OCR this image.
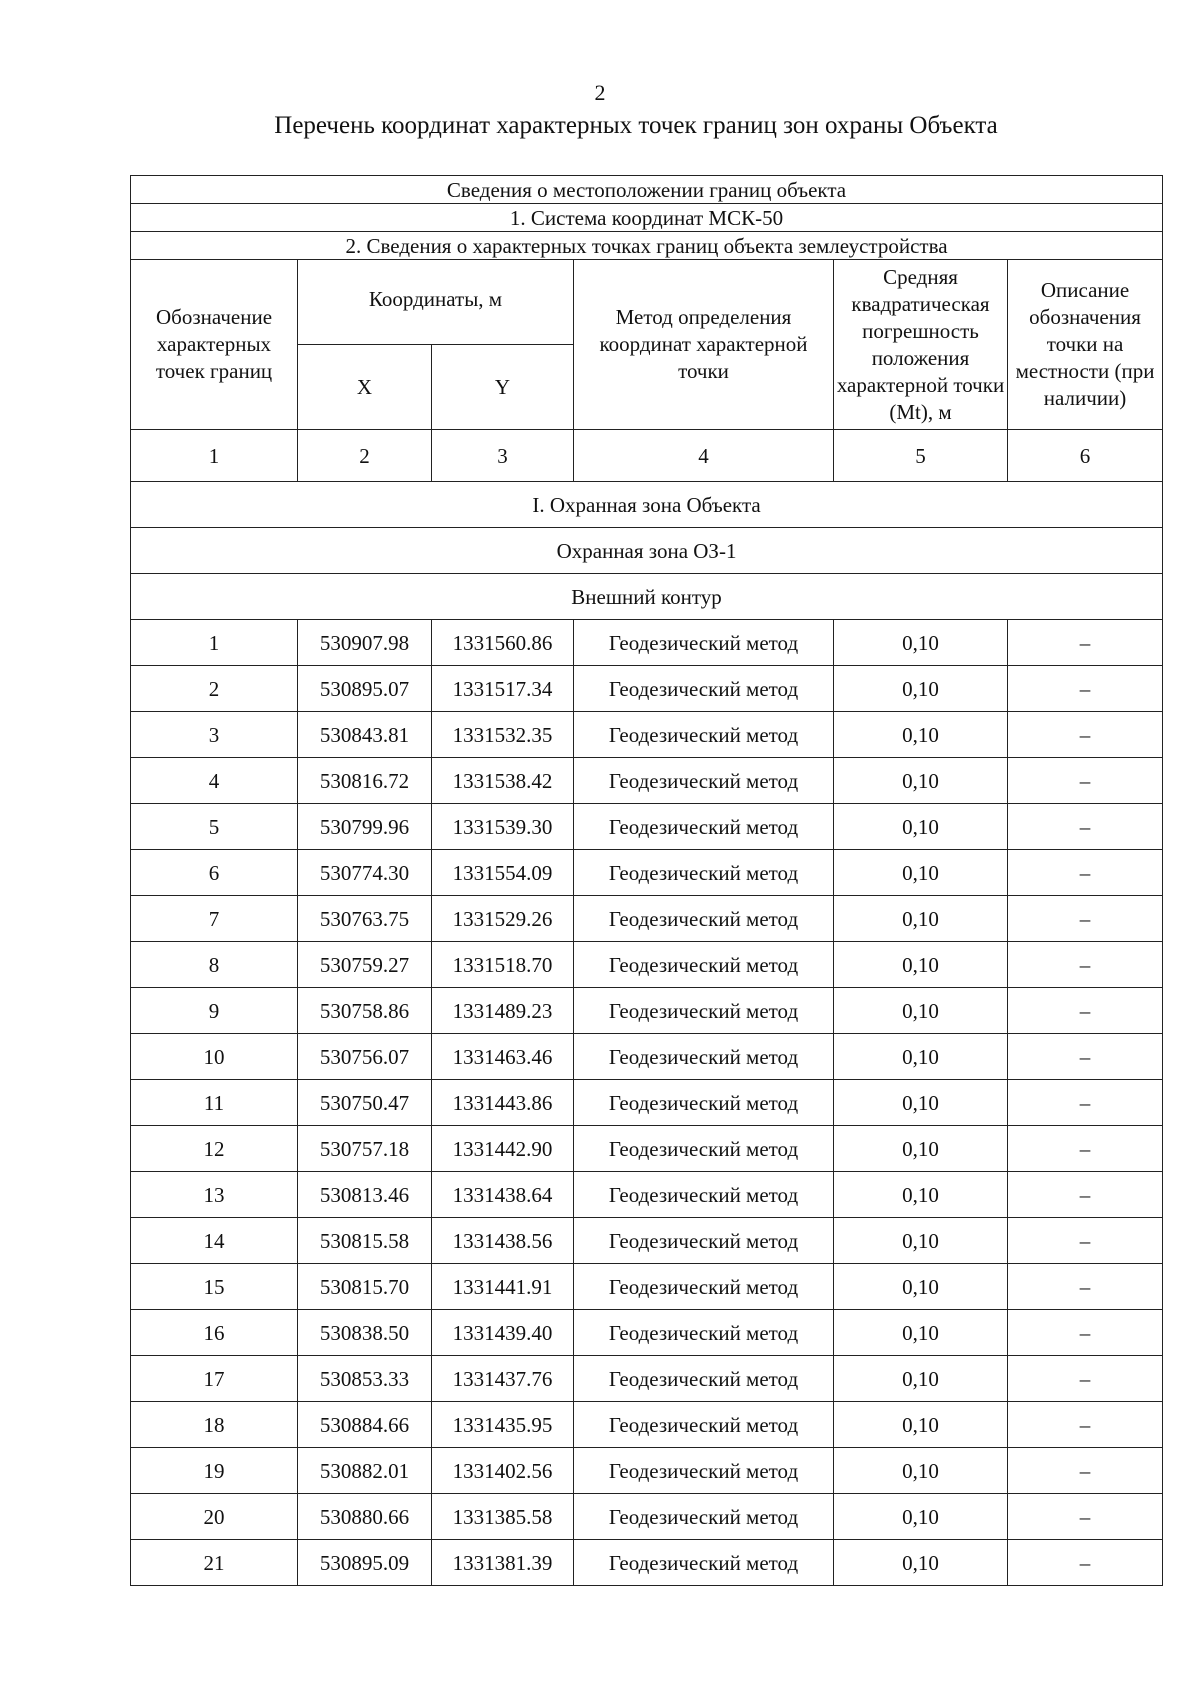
2
Перечень координат характерных точек границ зон охраны Объекта
Сведения о местоположении границ объекта					
1. Система координат МСК-50					
2. Сведения о характерных точках границ объекта землеустройства					
Обозначение характерных точек границ	Координаты, м		Метод определения координат характерной точки	Средняя квадратическая погрешность положения характерной точки (Mt), м	Описание обозначения точки на местности (при наличии)
	X	Y			
1	2	3	4	5	6
I. Охранная зона Объекта					
Охранная зона ОЗ-1					
Внешний контур					
1	530907.98	1331560.86	Геодезический метод	0,10	–
2	530895.07	1331517.34	Геодезический метод	0,10	–
3	530843.81	1331532.35	Геодезический метод	0,10	–
4	530816.72	1331538.42	Геодезический метод	0,10	–
5	530799.96	1331539.30	Геодезический метод	0,10	–
6	530774.30	1331554.09	Геодезический метод	0,10	–
7	530763.75	1331529.26	Геодезический метод	0,10	–
8	530759.27	1331518.70	Геодезический метод	0,10	–
9	530758.86	1331489.23	Геодезический метод	0,10	–
10	530756.07	1331463.46	Геодезический метод	0,10	–
11	530750.47	1331443.86	Геодезический метод	0,10	–
12	530757.18	1331442.90	Геодезический метод	0,10	–
13	530813.46	1331438.64	Геодезический метод	0,10	–
14	530815.58	1331438.56	Геодезический метод	0,10	–
15	530815.70	1331441.91	Геодезический метод	0,10	–
16	530838.50	1331439.40	Геодезический метод	0,10	–
17	530853.33	1331437.76	Геодезический метод	0,10	–
18	530884.66	1331435.95	Геодезический метод	0,10	–
19	530882.01	1331402.56	Геодезический метод	0,10	–
20	530880.66	1331385.58	Геодезический метод	0,10	–
21	530895.09	1331381.39	Геодезический метод	0,10	–
